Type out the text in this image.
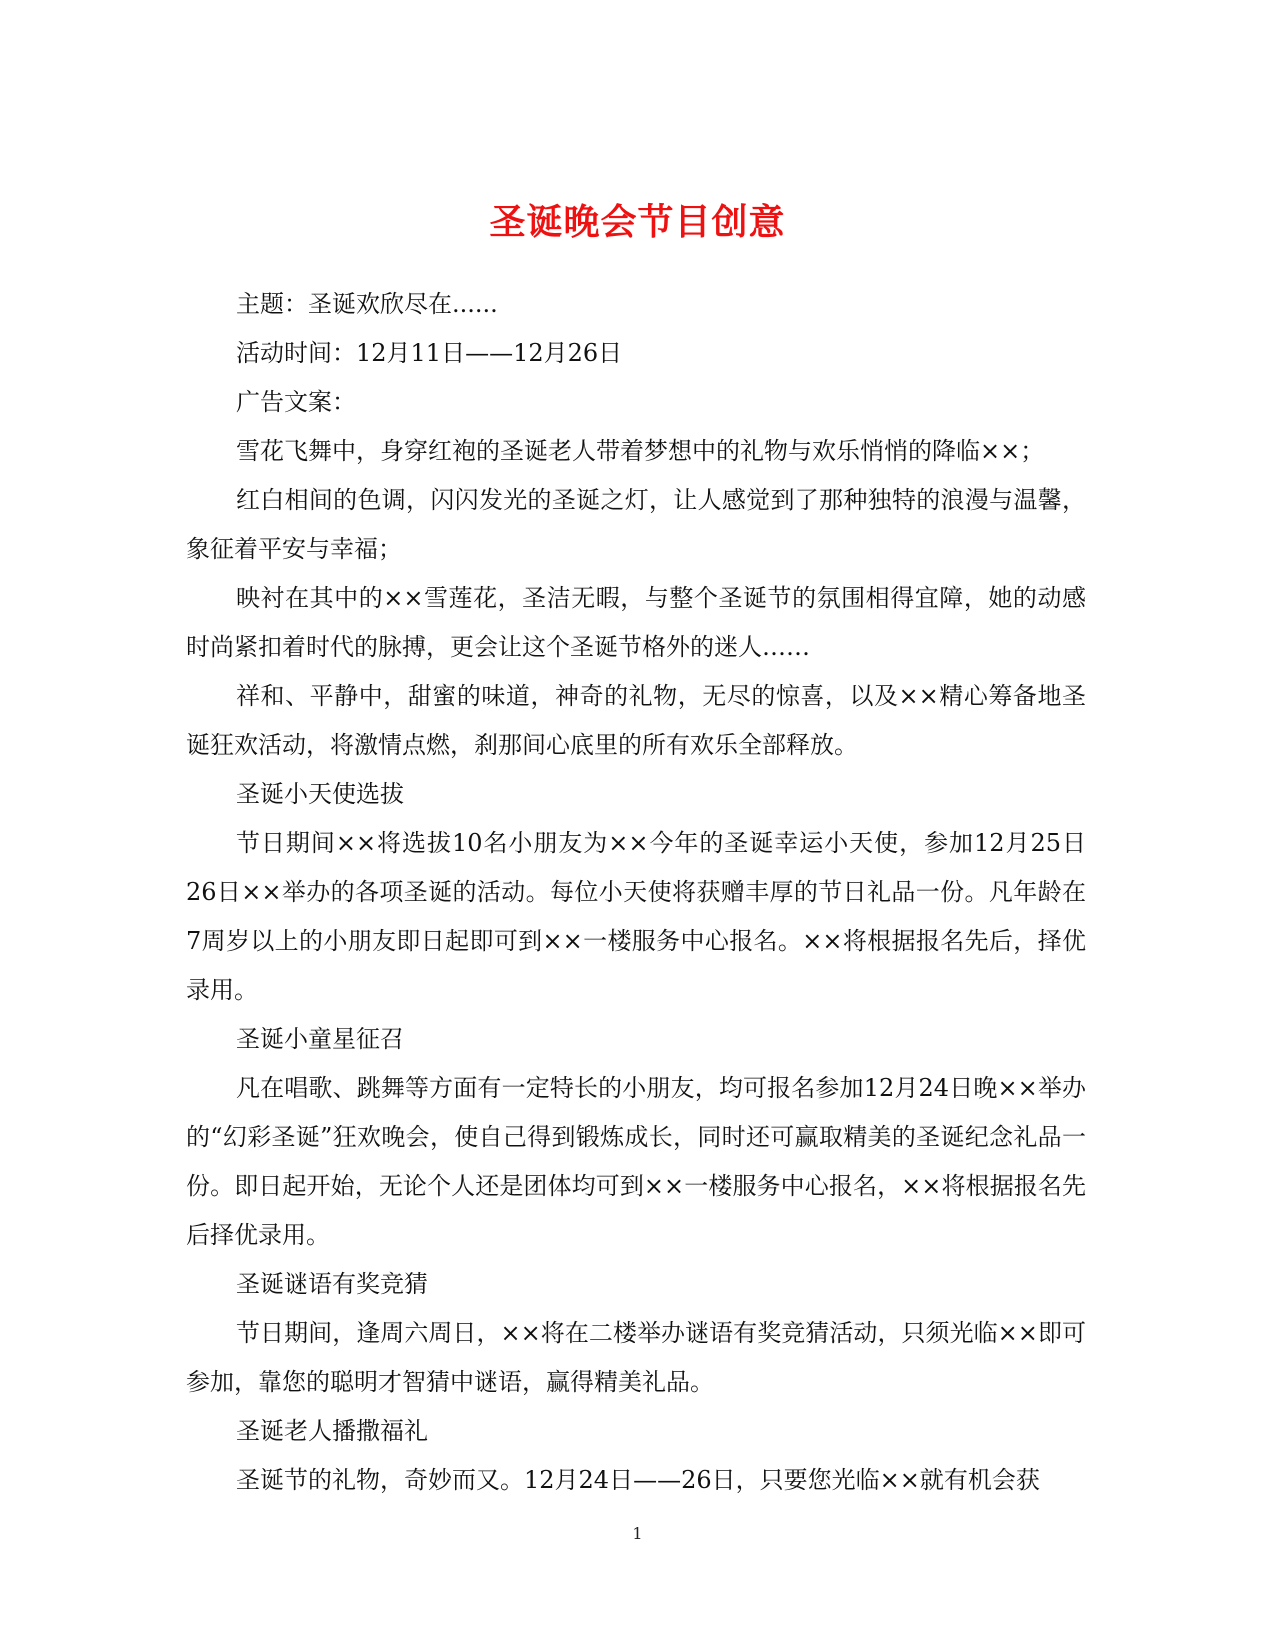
圣诞晚会节目创意

主题：圣诞欢欣尽在......

活动时间：12月11日——12月26日

广告文案：

雪花飞舞中，身穿红袍的圣诞老人带着梦想中的礼物与欢乐悄悄的降临××；

红白相间的色调，闪闪发光的圣诞之灯，让人感觉到了那种独特的浪漫与温馨，象征着平安与幸福；

映衬在其中的××雪莲花，圣洁无暇，与整个圣诞节的氛围相得宜障，她的动感时尚紧扣着时代的脉搏，更会让这个圣诞节格外的迷人……

祥和、平静中，甜蜜的味道，神奇的礼物，无尽的惊喜，以及××精心筹备地圣诞狂欢活动，将激情点燃，刹那间心底里的所有欢乐全部释放。

圣诞小天使选拔

节日期间××将选拔10名小朋友为××今年的圣诞幸运小天使，参加12月25日26日××举办的各项圣诞的活动。每位小天使将获赠丰厚的节日礼品一份。凡年龄在7周岁以上的小朋友即日起即可到××一楼服务中心报名。××将根据报名先后，择优录用。

圣诞小童星征召

凡在唱歌、跳舞等方面有一定特长的小朋友，均可报名参加12月24日晚××举办的“幻彩圣诞”狂欢晚会，使自己得到锻炼成长，同时还可赢取精美的圣诞纪念礼品一份。即日起开始，无论个人还是团体均可到××一楼服务中心报名，××将根据报名先后择优录用。

圣诞谜语有奖竞猜

节日期间，逢周六周日，××将在二楼举办谜语有奖竞猜活动，只须光临××即可参加，靠您的聪明才智猜中谜语，赢得精美礼品。

圣诞老人播撒福礼

圣诞节的礼物，奇妙而又。12月24日——26日，只要您光临××就有机会获

1
